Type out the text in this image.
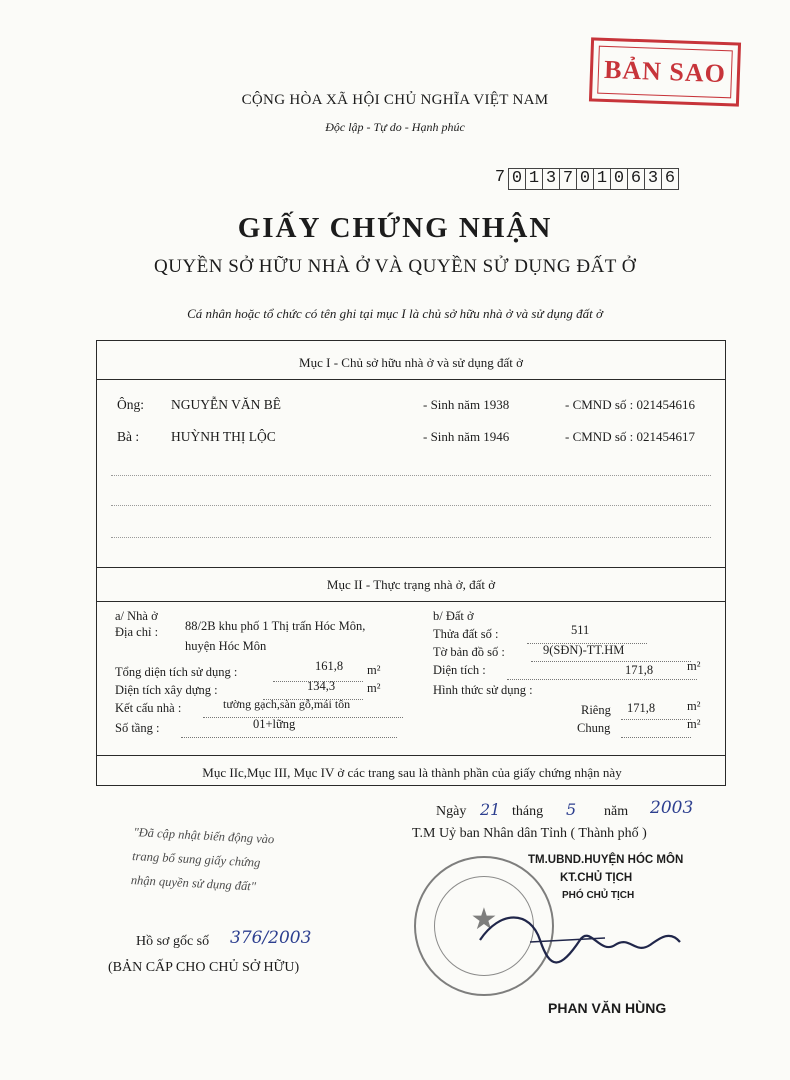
BẢN SAO
CỘNG HÒA XÃ HỘI CHỦ NGHĨA VIỆT NAM
Độc lập - Tự do - Hạnh phúc
7 0 1 3 7 0 1 0 6 3 6
GIẤY CHỨNG NHẬN
QUYỀN SỞ HỮU NHÀ Ở VÀ QUYỀN SỬ DỤNG ĐẤT Ở
Cá nhân hoặc tổ chức có tên ghi tại mục I là chủ sở hữu nhà ở và sử dụng đất ở
Mục I - Chủ sở hữu nhà ở và sử dụng đất ở
Ông: NGUYỄN VĂN BÊ	- Sinh năm 1938	- CMND số : 021454616
Bà : HUỲNH THỊ LỘC	- Sinh năm 1946	- CMND số : 021454617
Mục II - Thực trạng nhà ở, đất ở
a/ Nhà ở
Địa chỉ : 88/2B khu phố 1 Thị trấn Hóc Môn,
huyện Hóc Môn
Tổng diện tích sử dụng :	161,8 m²
Diện tích xây dựng :	134,3	m²
Kết cấu nhà :	tường gạch,sàn gỗ,mái tôn
Số tầng :	01+lững
b/ Đất ở
Thửa đất số :	511
Tờ bản đồ số :	9(SĐN)-TT.HM
Diện tích :	171,8	m²
Hình thức sử dụng :
Riêng 171,8	m²
Chung	m²
Mục IIc,Mục III, Mục IV ở các trang sau là thành phần của giấy chứng nhận này
Ngày 21 tháng 5 năm 2003
T.M Uỷ ban Nhân dân Tỉnh ( Thành phố )
"Đã cập nhật biến động vào
trang bổ sung giấy chứng
nhận quyền sử dụng đất"
★
TM.UBND.HUYỆN HÓC MÔN
KT.CHỦ TỊCH
PHÓ CHỦ TỊCH
PHAN VĂN HÙNG
Hồ sơ gốc số 376/2003
(BẢN CẤP CHO CHỦ SỞ HỮU)
